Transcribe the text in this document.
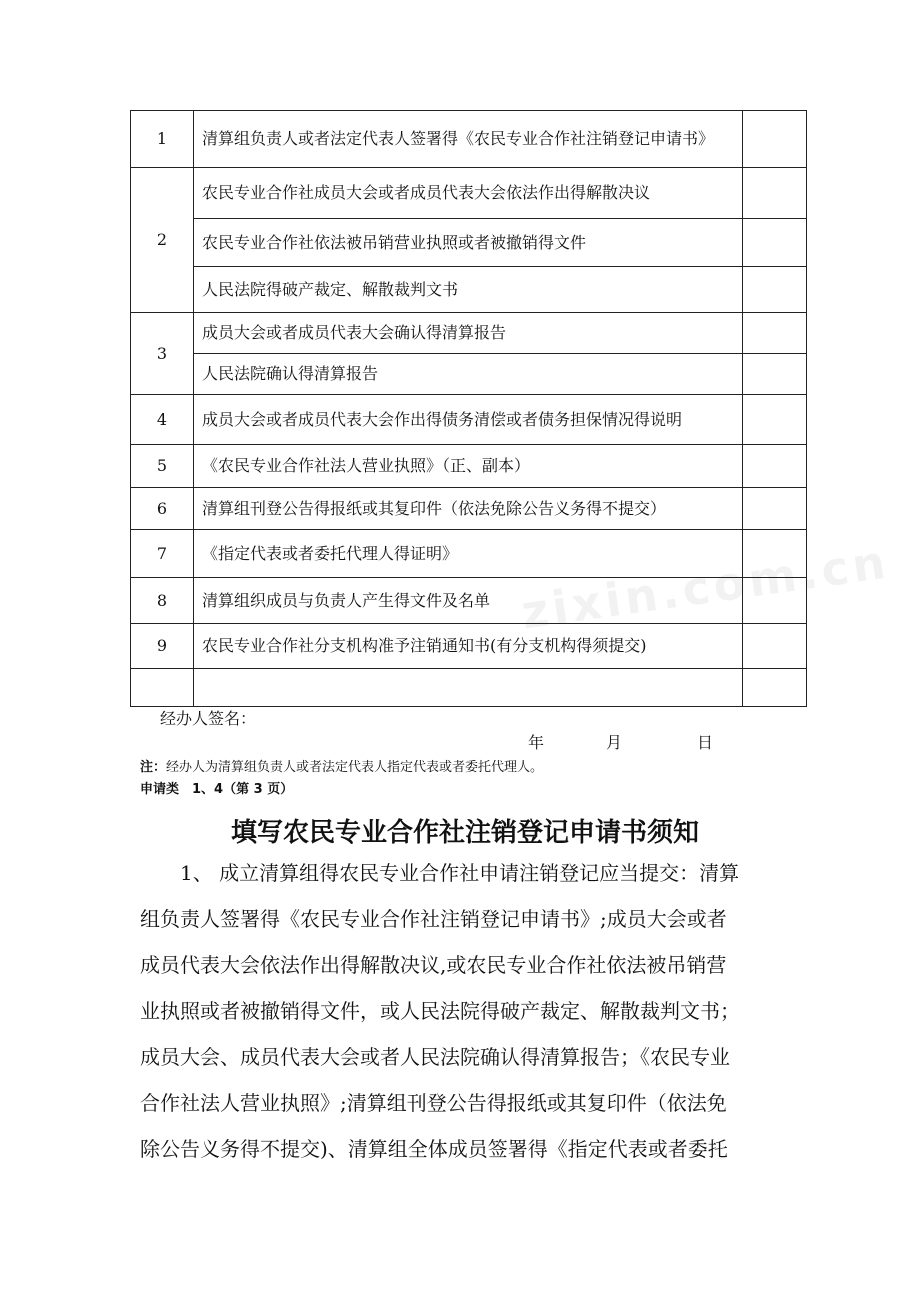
zixin.com.cn
1	清算组负责人或者法定代表人签署得《农民专业合作社注销登记申请书》	
2	农民专业合作社成员大会或者成员代表大会依法作出得解散决议	
	农民专业合作社依法被吊销营业执照或者被撤销得文件	
	人民法院得破产裁定、解散裁判文书	
3	成员大会或者成员代表大会确认得清算报告	
	人民法院确认得清算报告	
4	成员大会或者成员代表大会作出得债务清偿或者债务担保情况得说明	
5	《农民专业合作社法人营业执照》（正、副本）	
6	清算组刊登公告得报纸或其复印件（依法免除公告义务得不提交）	
7	《指定代表或者委托代理人得证明》	
8	清算组织成员与负责人产生得文件及名单	
9	农民专业合作社分支机构准予注销通知书(有分支机构得须提交)	

经办人签名：
年	月	日
注：经办人为清算组负责人或者法定代表人指定代表或者委托代理人。
申请类　1、4（第 3 页）
填写农民专业合作社注销登记申请书须知
　　1、 成立清算组得农民专业合作社申请注销登记应当提交：清算
组负责人签署得《农民专业合作社注销登记申请书》;成员大会或者
成员代表大会依法作出得解散决议,或农民专业合作社依法被吊销营
业执照或者被撤销得文件，或人民法院得破产裁定、解散裁判文书；
成员大会、成员代表大会或者人民法院确认得清算报告；《农民专业
合作社法人营业执照》;清算组刊登公告得报纸或其复印件（依法免
除公告义务得不提交)、清算组全体成员签署得《指定代表或者委托
